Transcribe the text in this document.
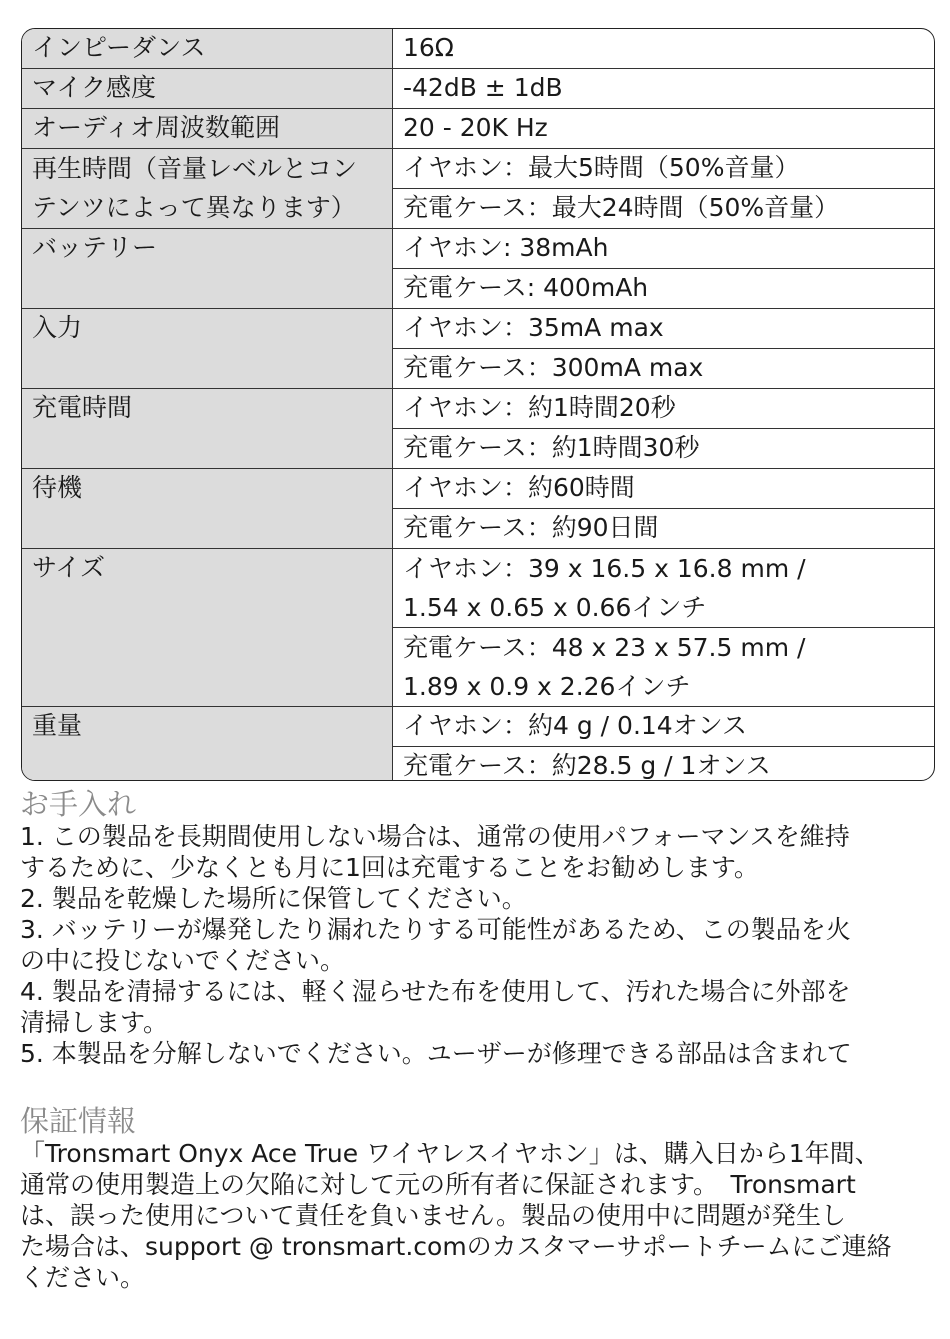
インピーダンス	16Ω
マイク感度	-42dB ± 1dB
オーディオ周波数範囲	20 - 20K Hz

再生時間（音量レベルとコン
テンツによって異なります）	イヤホン：最大5時間（50%音量）
	充電ケース：最大24時間（50%音量）
バッテリー	イヤホン: 38mAh
	充電ケース: 400mAh
入力	イヤホン：35mA max
	充電ケース：300mA max
充電時間	イヤホン：約1時間20秒
	充電ケース：約1時間30秒
待機	イヤホン：約60時間
	充電ケース：約90日間
サイズ	イヤホン：39 x 16.5 x 16.8 mm /
1.54 x 0.65 x 0.66インチ

	充電ケース：48 x 23 x 57.5 mm /
1.89 x 0.9 x 2.26インチ

重量	イヤホン：約4 g / 0.14オンス
	充電ケース：約28.5 g / 1オンス
お手入れ

1. この製品を長期間使用しない場合は、通常の使用パフォーマンスを維持

するために、少なくとも月に1回は充電することをお勧めします。

2. 製品を乾燥した場所に保管してください。

3. バッテリーが爆発したり漏れたりする可能性があるため、この製品を火

の中に投じないでください。

4. 製品を清掃するには、軽く湿らせた布を使用して、汚れた場合に外部を

清掃します。

5. 本製品を分解しないでください。ユーザーが修理できる部品は含まれて

保証情報

「Tronsmart Onyx Ace True ワイヤレスイヤホン」は、購入日から1年間、

通常の使用製造上の欠陥に対して元の所有者に保証されます。　Tronsmart

は、誤った使用について責任を負いません。製品の使用中に問題が発生し

た場合は、support @ tronsmart.comのカスタマーサポートチームにご連絡

ください。
